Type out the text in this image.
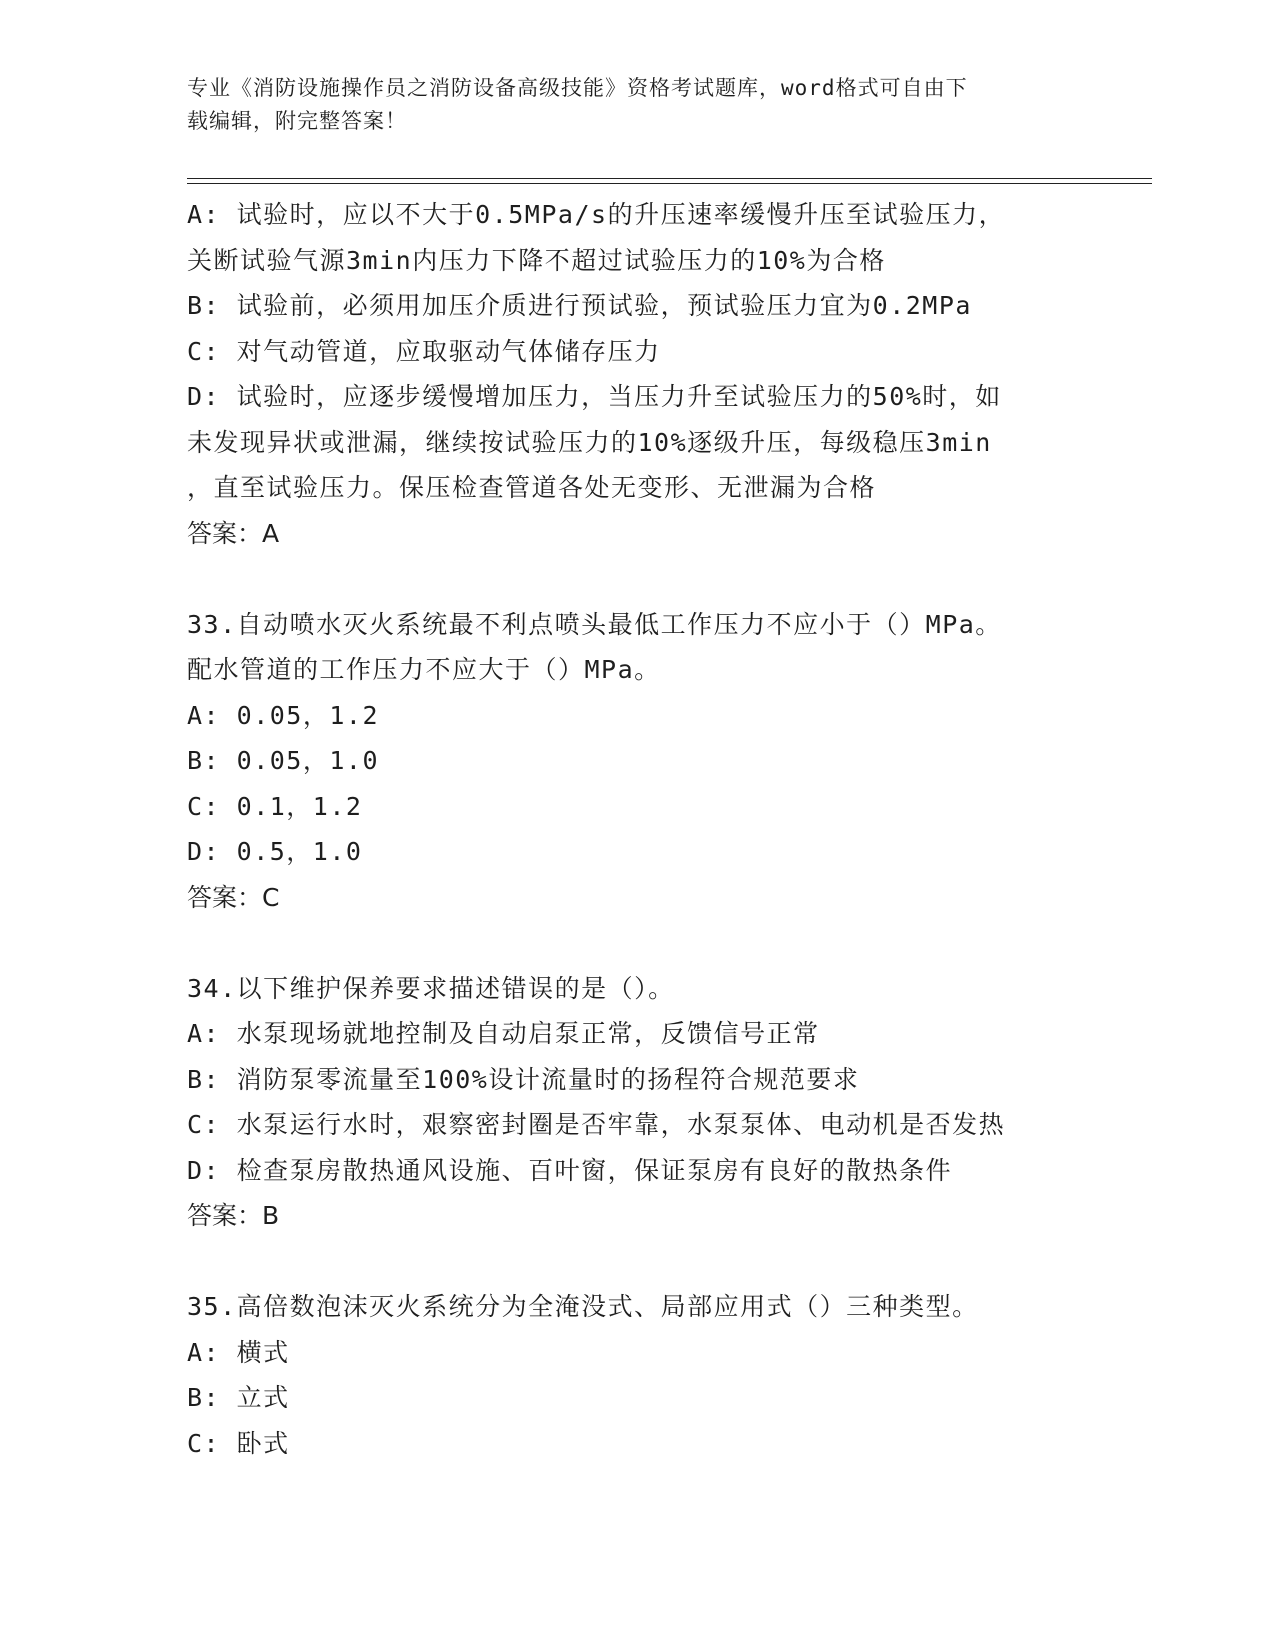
专业《消防设施操作员之消防设备高级技能》资格考试题库，word格式可自由下
载编辑，附完整答案！
A: 试验时，应以不大于0.5MPa/s的升压速率缓慢升压至试验压力，
关断试验气源3min内压力下降不超过试验压力的10%为合格
B: 试验前，必须用加压介质进行预试验，预试验压力宜为0.2MPa
C: 对气动管道，应取驱动气体储存压力
D: 试验时，应逐步缓慢增加压力，当压力升至试验压力的50%时，如
未发现异状或泄漏，继续按试验压力的10%逐级升压，每级稳压3min
，直至试验压力。保压检查管道各处无变形、无泄漏为合格
答案：A
33.自动喷水灭火系统最不利点喷头最低工作压力不应小于（）MPa。
配水管道的工作压力不应大于（）MPa。
A: 0.05，1.2
B: 0.05，1.0
C: 0.1，1.2
D: 0.5，1.0
答案：C
34.以下维护保养要求描述错误的是（）。
A: 水泵现场就地控制及自动启泵正常，反馈信号正常
B: 消防泵零流量至100%设计流量时的扬程符合规范要求
C: 水泵运行水时，艰察密封圈是否牢靠，水泵泵体、电动机是否发热
D: 检查泵房散热通风设施、百叶窗，保证泵房有良好的散热条件
答案：B
35.高倍数泡沫灭火系统分为全淹没式、局部应用式（）三种类型。
A: 横式
B: 立式
C: 卧式
